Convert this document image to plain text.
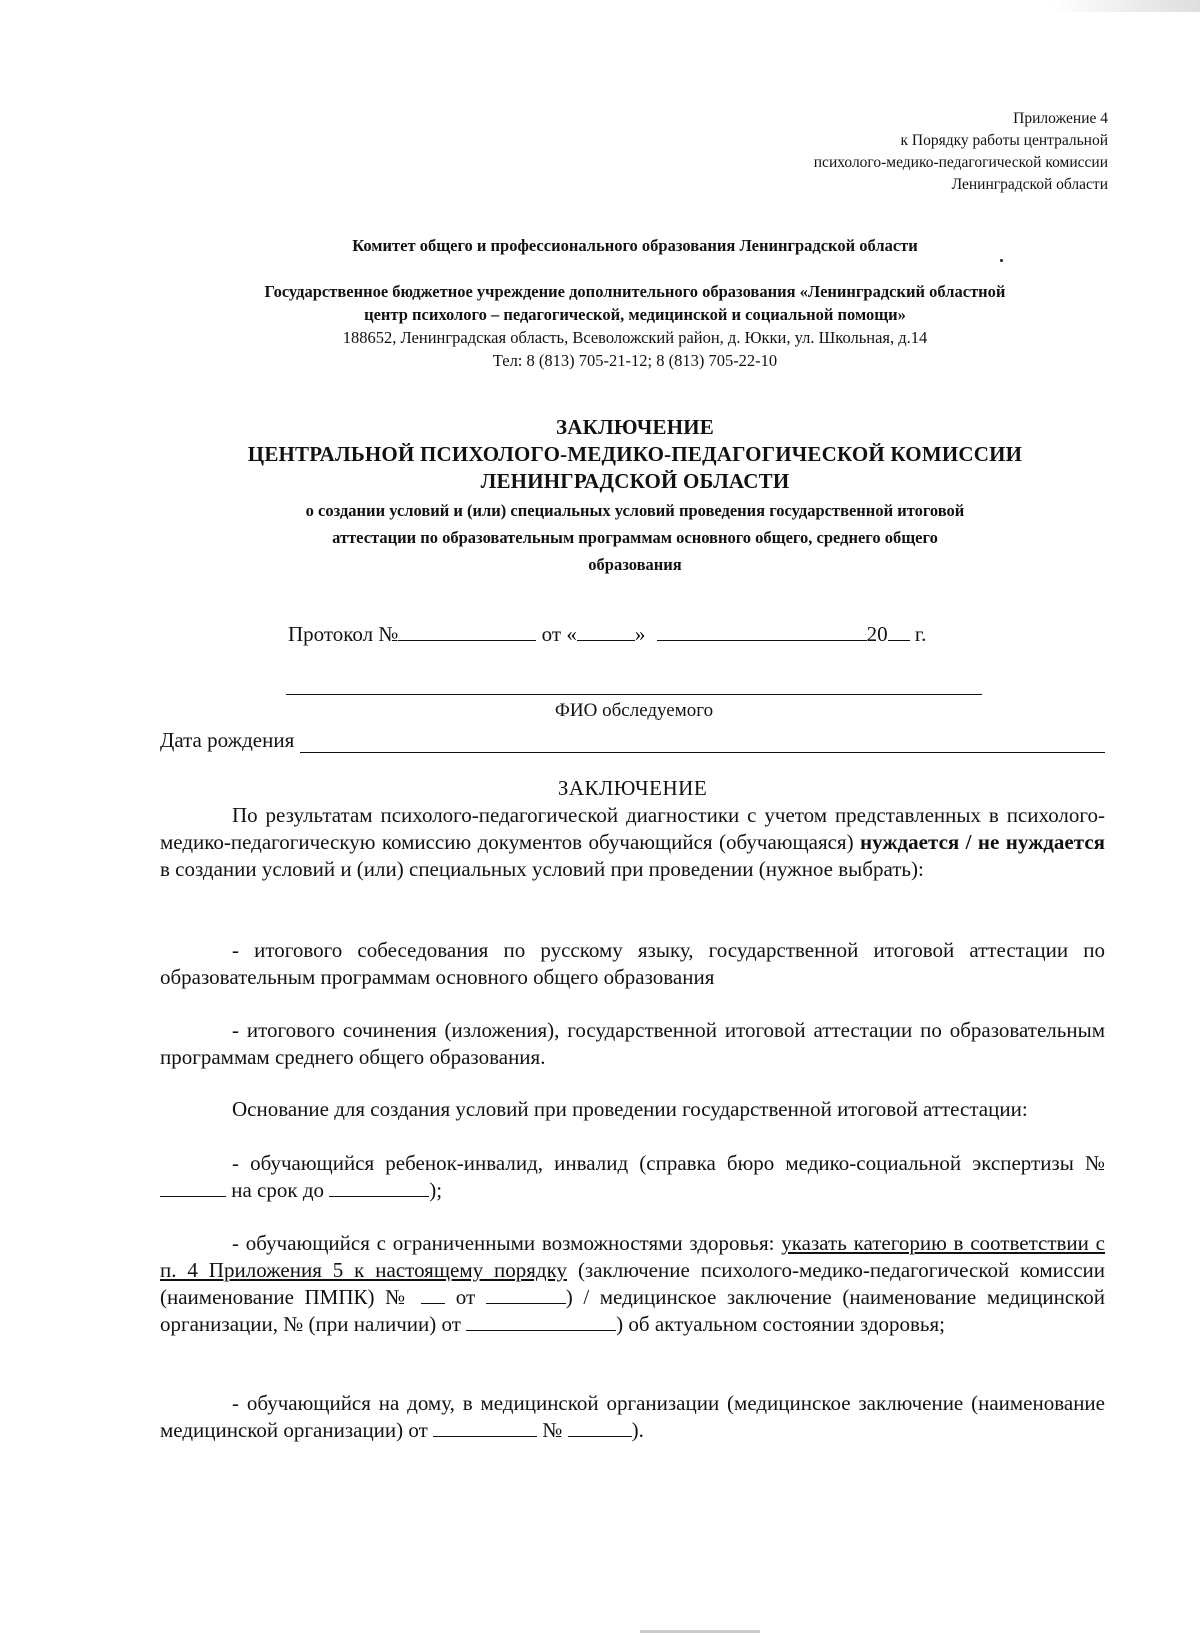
Приложение 4
к Порядку работы центральной
психолого-медико-педагогической комиссии
Ленинградской области
Комитет общего и профессионального образования Ленинградской области
Государственное бюджетное учреждение дополнительного образования «Ленинградский областной
центр психолого – педагогической, медицинской и социальной помощи»
188652, Ленинградская область, Всеволожский район, д. Юкки, ул. Школьная, д.14
Тел: 8 (813) 705-21-12; 8 (813) 705-22-10
ЗАКЛЮЧЕНИЕ
ЦЕНТРАЛЬНОЙ ПСИХОЛОГО-МЕДИКО-ПЕДАГОГИЧЕСКОЙ КОМИССИИ
ЛЕНИНГРАДСКОЙ ОБЛАСТИ
о создании условий и (или) специальных условий проведения государственной итоговой
аттестации по образовательным программам основного общего, среднего общего
образования
Протокол №	от «	»	20 г.
ФИО обследуемого
Дата рождения
ЗАКЛЮЧЕНИЕ
По результатам психолого-педагогической диагностики с учетом представленных в психолого-медико-педагогическую комиссию документов обучающийся (обучающаяся) нуждается / не нуждается в создании условий и (или) специальных условий при проведении (нужное выбрать):
- итогового собеседования по русскому языку, государственной итоговой аттестации по образовательным программам основного общего образования
- итогового сочинения (изложения), государственной итоговой аттестации по образовательным программам среднего общего образования.
Основание для создания условий при проведении государственной итоговой аттестации:
- обучающийся ребенок-инвалид, инвалид (справка бюро медико-социальной экспертизы №  на срок до	);
- обучающийся с ограниченными возможностями здоровья: указать категорию в соответствии с п. 4 Приложения 5 к настоящему порядку (заключение психолого-медико-педагогической комиссии (наименование ПМПК) № от	) / медицинское заключение (наименование медицинской организации, № (при наличии) от	) об актуальном состоянии здоровья;
- обучающийся на дому, в медицинской организации (медицинское заключение (наименование медицинской организации) от	№	).
